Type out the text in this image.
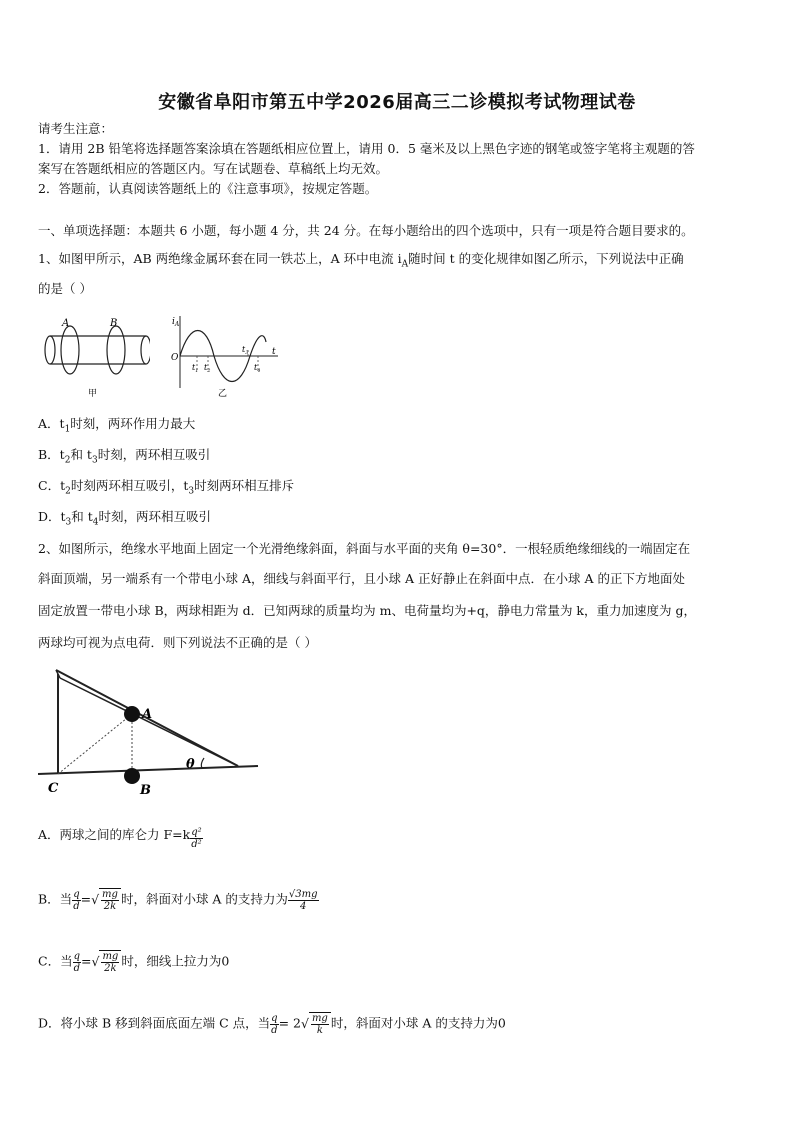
安徽省阜阳市第五中学2026届高三二诊模拟考试物理试卷
请考生注意：
1．请用 2B 铅笔将选择题答案涂填在答题纸相应位置上，请用 0．5 毫米及以上黑色字迹的钢笔或签字笔将主观题的答
案写在答题纸相应的答题区内。写在试题卷、草稿纸上均无效。
2．答题前，认真阅读答题纸上的《注意事项》，按规定答题。
一、单项选择题：本题共 6 小题，每小题 4 分，共 24 分。在每小题给出的四个选项中，只有一项是符合题目要求的。
1、如图甲所示，AB 两绝缘金属环套在同一铁芯上，A 环中电流 $i_A$随时间 t 的变化规律如图乙所示，下列说法中正确
的是（ ）
A	B
甲
$i_A$
O
t
$t_1$ $t_2$
$t_3$
$t_4$
乙
A．$t_1$时刻，两环作用力最大
B．$t_2$和 $t_3$时刻，两环相互吸引
C．$t_2$时刻两环相互吸引，$t_3$时刻两环相互排斥
D．$t_3$和 $t_4$时刻，两环相互吸引
2、如图所示，绝缘水平地面上固定一个光滑绝缘斜面，斜面与水平面的夹角 θ=30°．一根轻质绝缘细线的一端固定在
斜面顶端，另一端系有一个带电小球 A，细线与斜面平行，且小球 A 正好静止在斜面中点．在小球 A 的正下方地面处
固定放置一带电小球 B，两球相距为 d．已知两球的质量均为 m、电荷量均为+q，静电力常量为 k，重力加速度为 g，
两球均可视为点电荷．则下列说法不正确的是（ ）
A
B
C
θ
A．两球之间的库仑力 $F=k \frac{\text{q²}}{\text{d²}}$
B．当 $\frac{q}{d}$ =√ $\frac{mg}{2k}$ 时，斜面对小球 A 的支持力为 $\frac{√3mg}{4}$
C．当 $\frac{q}{d}$ =√ $\frac{mg}{2k}$ 时，细线上拉力为0
D．将小球 B 移到斜面底面左端 C 点，当 $\frac{q}{d} = 2√ \frac{mg}{k}$ 时，斜面对小球 A 的支持力为0
